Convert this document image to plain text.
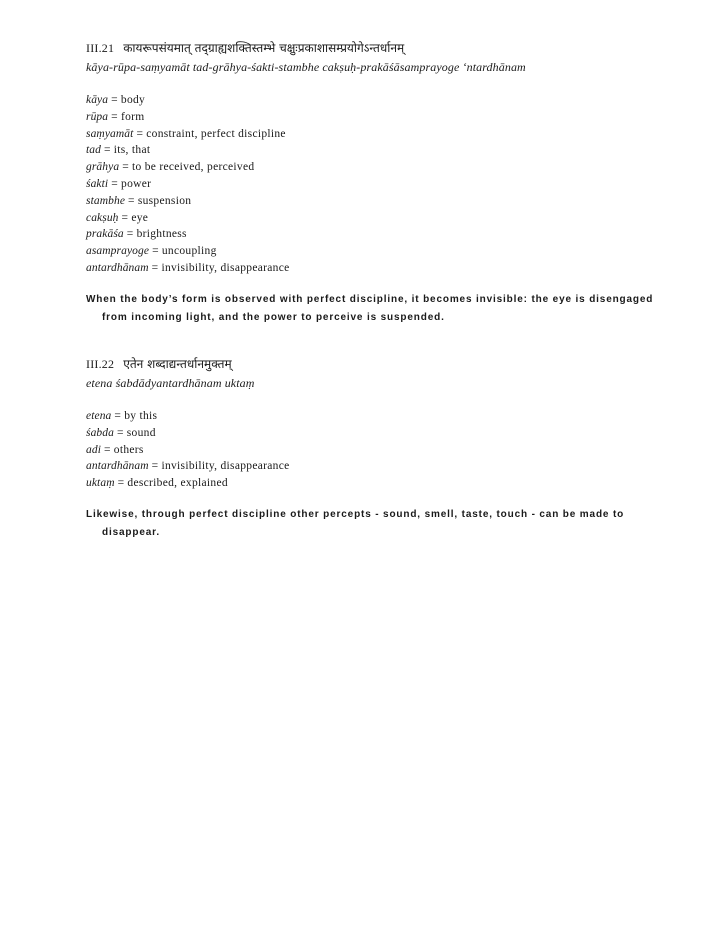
III.21 कायरूपसंयमात् तद्ग्राह्यशक्तिस्तम्भे चक्षुःप्रकाशासम्प्रयोगेऽन्तर्धानम्
kāya-rūpa-saṃyamāt tad-grāhya-śakti-stambhe cakṣuḥ-prakāśāsamprayoge ‘ntardhānam
kāya = body
rūpa = form
saṃyamāt = constraint, perfect discipline
tad = its, that
grāhya = to be received, perceived
śakti = power
stambhe = suspension
cakṣuḥ = eye
prakāśa = brightness
asamprayoge = uncoupling
antardhānam = invisibility, disappearance

When the body’s form is observed with perfect discipline, it becomes invisible: the eye is disengaged from incoming light, and the power to perceive is suspended.

III.22 एतेन शब्दाद्यन्तर्धानमुक्तम्
etena śabdādyantardhānam uktaṃ
etena = by this
śabda = sound
adi = others
antardhānam = invisibility, disappearance
uktaṃ = described, explained

Likewise, through perfect discipline other percepts - sound, smell, taste, touch - can be made to disappear.
